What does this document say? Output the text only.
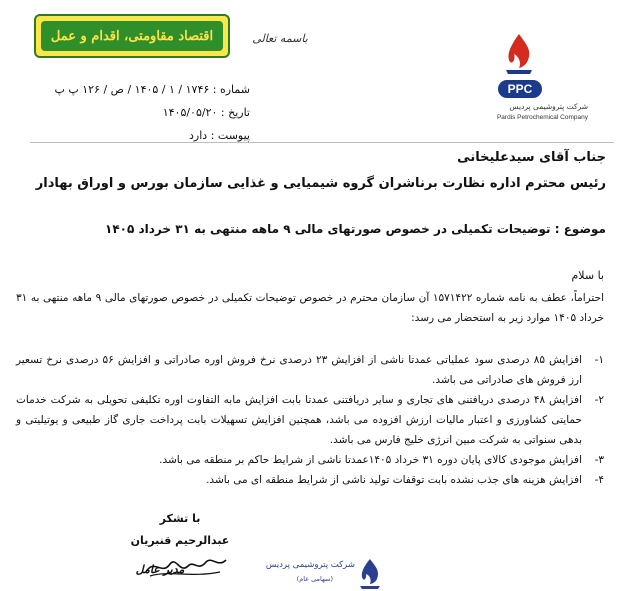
اقتصاد مقاومتی، اقدام و عمل	باسمه تعالی
شماره : ۱۷۴۶ / ۱ / ۱۴۰۵ / ص / ۱۲۶ پ پ
تاریخ : ۱۴۰۵/۰۵/۲۰
پیوست : دارد
PPC
شرکت پتروشیمی پردیس
Pardis Petrochemical Company
جناب آقای سیدعلیخانی
رئیس محترم اداره نظارت برناشران گروه شیمیایی و غذایی سازمان بورس و اوراق بهادار
موضوع : توضیحات تکمیلی در خصوص صورتهای مالی ۹ ماهه منتهی به ۳۱ خرداد ۱۴۰۵
با سلام
احتراماً، عطف به نامه شماره ۱۵۷۱۴۲۲ آن سازمان محترم در خصوص توضیحات تکمیلی در خصوص صورتهای مالی ۹ ماهه منتهی به ۳۱ خرداد ۱۴۰۵ موارد زیر به استحضار می رسد:
۱-
افزایش ۸۵ درصدی سود عملیاتی عمدتا ناشی از افزایش ۲۳ درصدی نرخ فروش اوره صادراتی و افزایش ۵۶ درصدی نرخ تسعیر ارز فروش های صادراتی می باشد.
۲-
افزایش ۴۸ درصدی دریافتنی های تجاری و سایر دریافتنی عمدتا بابت افزایش مابه التفاوت اوره تکلیفی تحویلی به شرکت خدمات حمایتی کشاورزی و اعتبار مالیات ارزش افزوده می باشد، همچنین افزایش تسهیلات بابت پرداخت جاری گاز طبیعی و یوتیلیتی و بدهی سنواتی به شرکت مبین انرژی خلیج فارس می باشد.
۳-
افزایش موجودی کالای پایان دوره ۳۱ خرداد ۱۴۰۵عمدتا ناشی از شرایط حاکم بر منطقه می باشد.
۴-
افزایش هزینه های جذب نشده بابت توقفات تولید ناشی از شرایط منطقه ای می باشد.
با تشکر
عبدالرحیم قنبریان
مدیر عامل	شرکت پتروشیمی پردیس
(سهامی عام)
